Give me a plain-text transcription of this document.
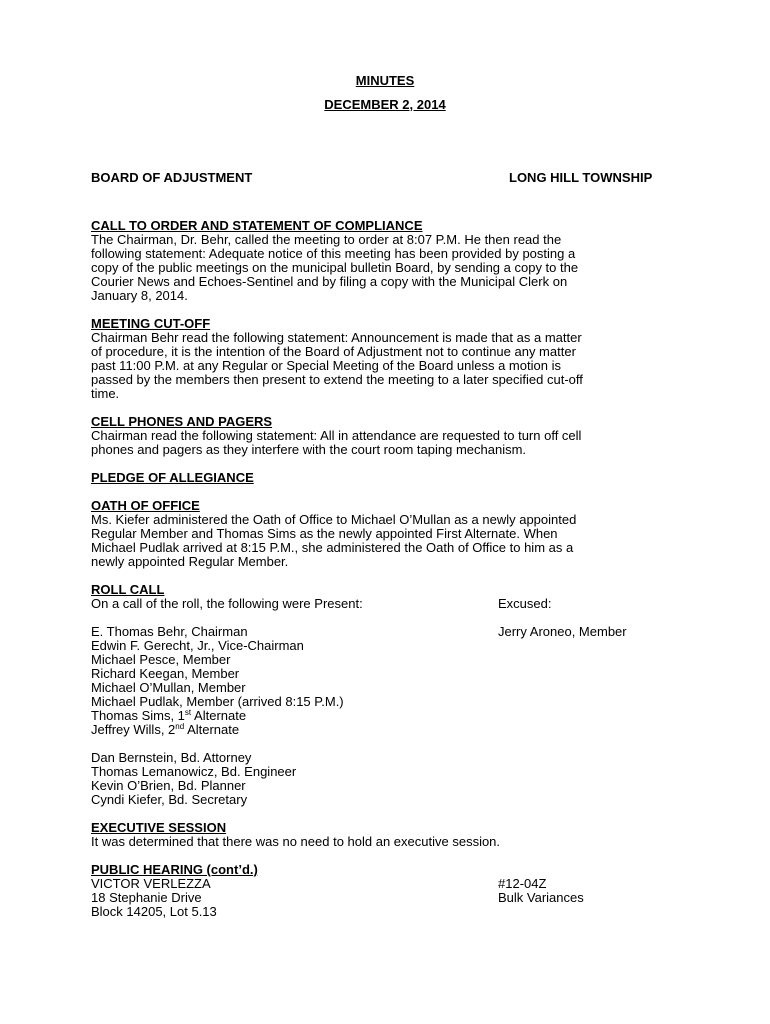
MINUTES
DECEMBER 2, 2014
BOARD OF ADJUSTMENT	LONG HILL TOWNSHIP
CALL TO ORDER AND STATEMENT OF COMPLIANCE
The Chairman, Dr. Behr, called the meeting to order at 8:07 P.M. He then read the
following statement: Adequate notice of this meeting has been provided by posting a
copy of the public meetings on the municipal bulletin Board, by sending a copy to the
Courier News and Echoes-Sentinel and by filing a copy with the Municipal Clerk on
January 8, 2014.
MEETING CUT-OFF
Chairman Behr read the following statement: Announcement is made that as a matter
of procedure, it is the intention of the Board of Adjustment not to continue any matter
past 11:00 P.M. at any Regular or Special Meeting of the Board unless a motion is
passed by the members then present to extend the meeting to a later specified cut-off
time.
CELL PHONES AND PAGERS
Chairman read the following statement: All in attendance are requested to turn off cell
phones and pagers as they interfere with the court room taping mechanism.
PLEDGE OF ALLEGIANCE
OATH OF OFFICE
Ms. Kiefer administered the Oath of Office to Michael O’Mullan as a newly appointed
Regular Member and Thomas Sims as the newly appointed First Alternate. When
Michael Pudlak arrived at 8:15 P.M., she administered the Oath of Office to him as a
newly appointed Regular Member.
ROLL CALL
On a call of the roll, the following were Present:	Excused:
E. Thomas Behr, Chairman
Edwin F. Gerecht, Jr., Vice-Chairman
Michael Pesce, Member
Richard Keegan, Member
Michael O’Mullan, Member
Michael Pudlak, Member (arrived 8:15 P.M.)
Thomas Sims, 1st Alternate
Jeffrey Wills, 2nd Alternate
Jerry Aroneo, Member
Dan Bernstein, Bd. Attorney
Thomas Lemanowicz, Bd. Engineer
Kevin O’Brien, Bd. Planner
Cyndi Kiefer, Bd. Secretary
EXECUTIVE SESSION
It was determined that there was no need to hold an executive session.
PUBLIC HEARING (cont’d.)
VICTOR VERLEZZA
18 Stephanie Drive
Block 14205, Lot 5.13
#12-04Z
Bulk Variances
